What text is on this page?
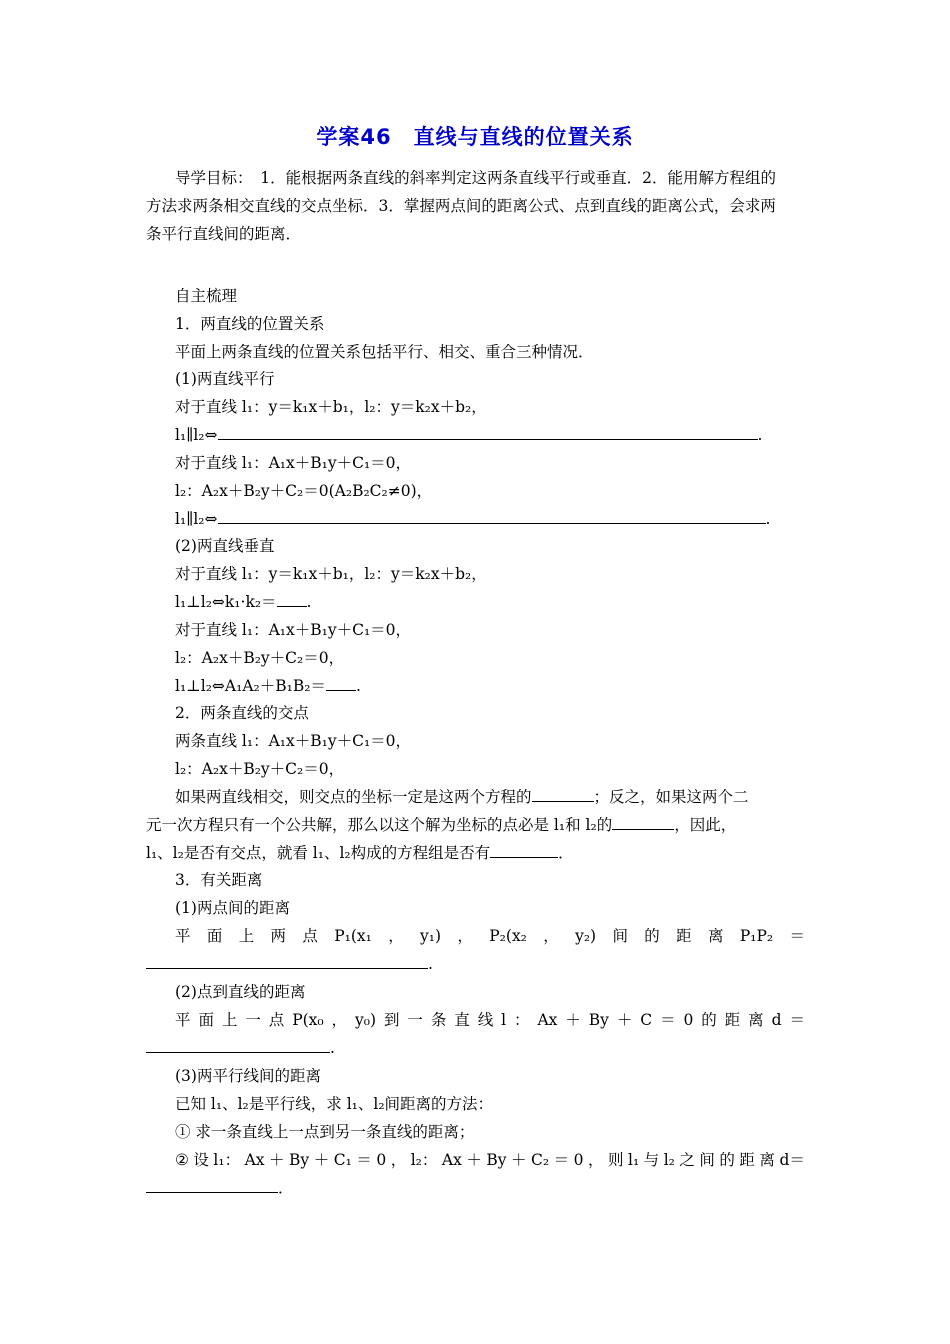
学案46　直线与直线的位置关系
导学目标：　1．能根据两条直线的斜率判定这两条直线平行或垂直．2．能用解方程组的
方法求两条相交直线的交点坐标．3．掌握两点间的距离公式、点到直线的距离公式，会求两
条平行直线间的距离．
自主梳理
1．两直线的位置关系
平面上两条直线的位置关系包括平行、相交、重合三种情况．
(1)两直线平行
对于直线 l₁：y＝k₁x＋b₁，l₂：y＝k₂x＋b₂，
l₁∥l₂⇔	.
对于直线 l₁：A₁x＋B₁y＋C₁＝0，
l₂：A₂x＋B₂y＋C₂＝0(A₂B₂C₂≠0)，
l₁∥l₂⇔	.
(2)两直线垂直
对于直线 l₁：y＝k₁x＋b₁，l₂：y＝k₂x＋b₂，
l₁⊥l₂⇔k₁·k₂＝ .
对于直线 l₁：A₁x＋B₁y＋C₁＝0，
l₂：A₂x＋B₂y＋C₂＝0，
l₁⊥l₂⇔A₁A₂＋B₁B₂＝ .
2．两条直线的交点
两条直线 l₁：A₁x＋B₁y＋C₁＝0，
l₂：A₂x＋B₂y＋C₂＝0，
如果两直线相交，则交点的坐标一定是这两个方程的	；反之，如果这两个二
元一次方程只有一个公共解，那么以这个解为坐标的点必是 l₁和 l₂的	，因此，
l₁、l₂是否有交点，就看 l₁、l₂构成的方程组是否有	．
3．有关距离
(1)两点间的距离
平 面 上 两 点 P₁(x₁ ， y₁) ， P₂(x₂ ， y₂) 间 的 距 离 P₁P₂ ＝
.
(2)点到直线的距离
平 面 上 一 点 P(x₀ ， y₀) 到 一 条 直 线 l ： Ax ＋ By ＋ C ＝ 0 的 距 离 d ＝
.
(3)两平行线间的距离
已知 l₁、l₂是平行线，求 l₁、l₂间距离的方法：
① 求一条直线上一点到另一条直线的距离；
② 设 l₁： Ax ＋ By ＋ C₁ ＝ 0 ， l₂： Ax ＋ By ＋ C₂ ＝ 0 ， 则 l₁ 与 l₂ 之 间 的 距 离 d＝
．
